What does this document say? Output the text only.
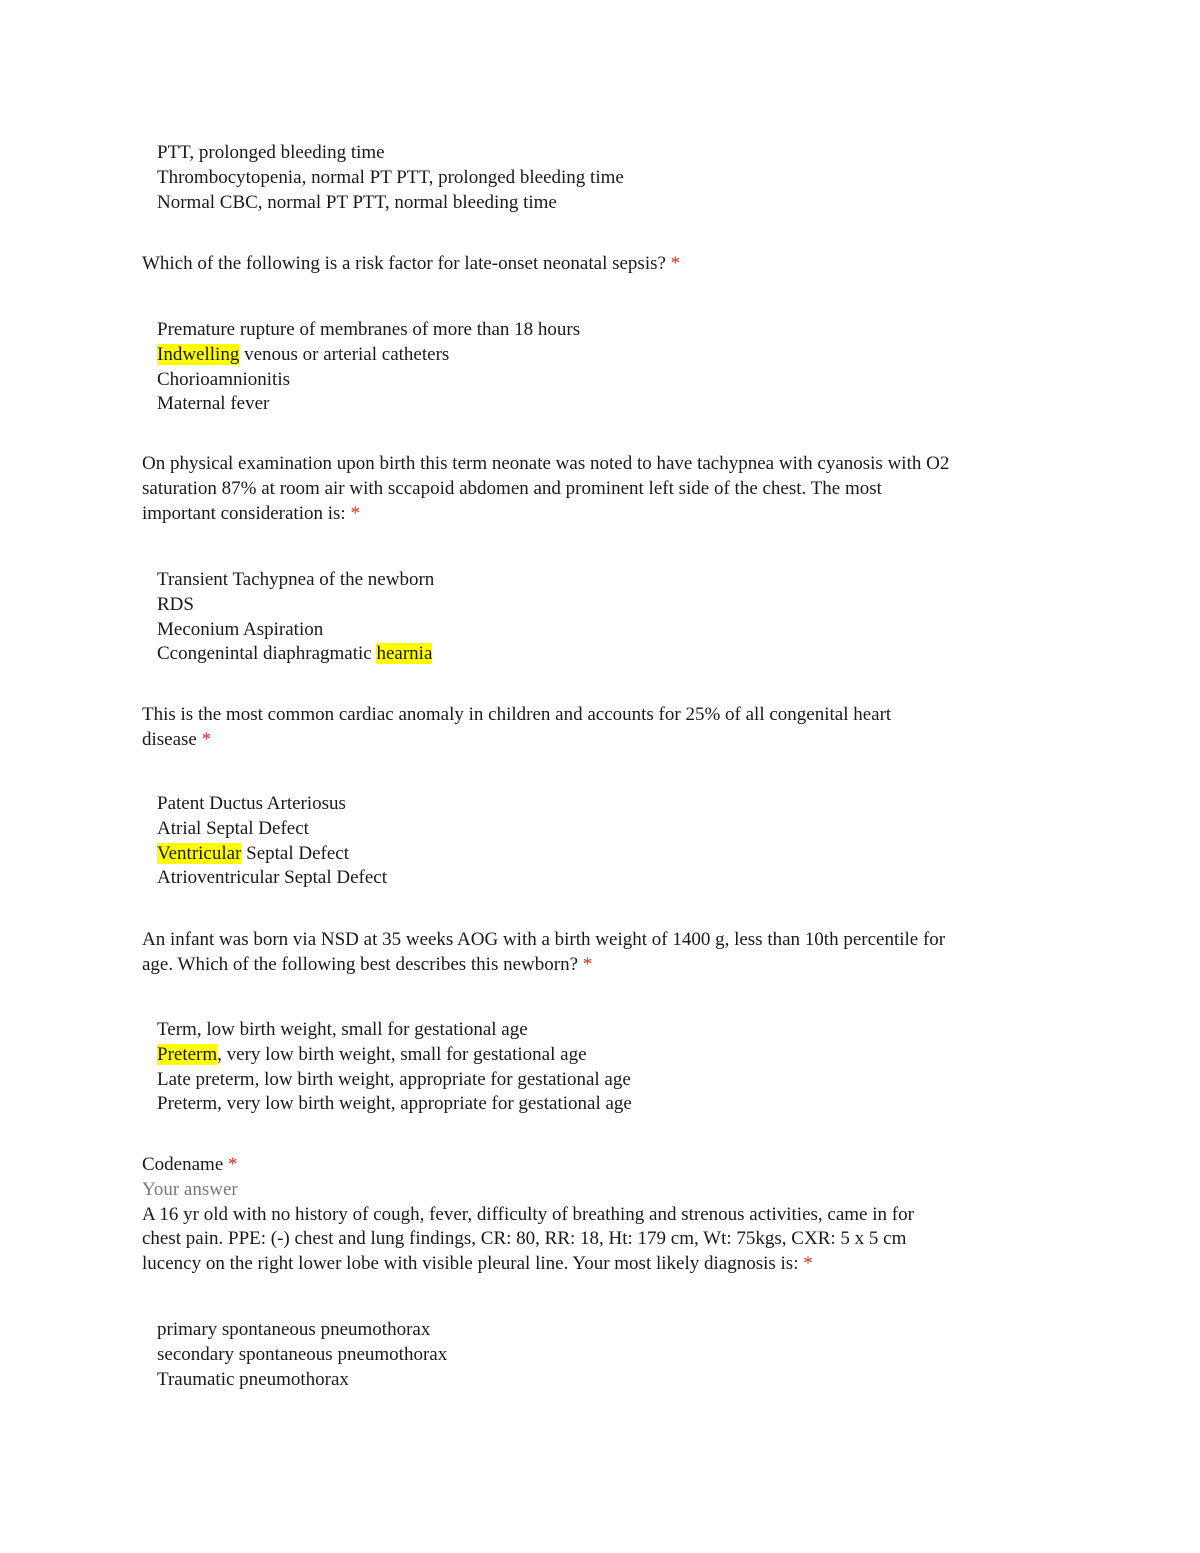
PTT, prolonged bleeding time
Thrombocytopenia, normal PT PTT, prolonged bleeding time
Normal CBC, normal PT PTT, normal bleeding time
Which of the following is a risk factor for late-onset neonatal sepsis? *
Premature rupture of membranes of more than 18 hours
Indwelling venous or arterial catheters
Chorioamnionitis
Maternal fever
On physical examination upon birth this term neonate was noted to have tachypnea with cyanosis with O2
saturation 87% at room air with sccapoid abdomen and prominent left side of the chest. The most
important consideration is: *
Transient Tachypnea of the newborn
RDS
Meconium Aspiration
Ccongenintal diaphragmatic hearnia
This is the most common cardiac anomaly in children and accounts for 25% of all congenital heart
disease *
Patent Ductus Arteriosus
Atrial Septal Defect
Ventricular Septal Defect
Atrioventricular Septal Defect
An infant was born via NSD at 35 weeks AOG with a birth weight of 1400 g, less than 10th percentile for
age. Which of the following best describes this newborn? *
Term, low birth weight, small for gestational age
Preterm, very low birth weight, small for gestational age
Late preterm, low birth weight, appropriate for gestational age
Preterm, very low birth weight, appropriate for gestational age
Codename *
Your answer
A 16 yr old with no history of cough, fever, difficulty of breathing and strenous activities, came in for
chest pain. PPE: (-) chest and lung findings, CR: 80, RR: 18, Ht: 179 cm, Wt: 75kgs, CXR: 5 x 5 cm
lucency on the right lower lobe with visible pleural line. Your most likely diagnosis is: *
primary spontaneous pneumothorax
secondary spontaneous pneumothorax
Traumatic pneumothorax
